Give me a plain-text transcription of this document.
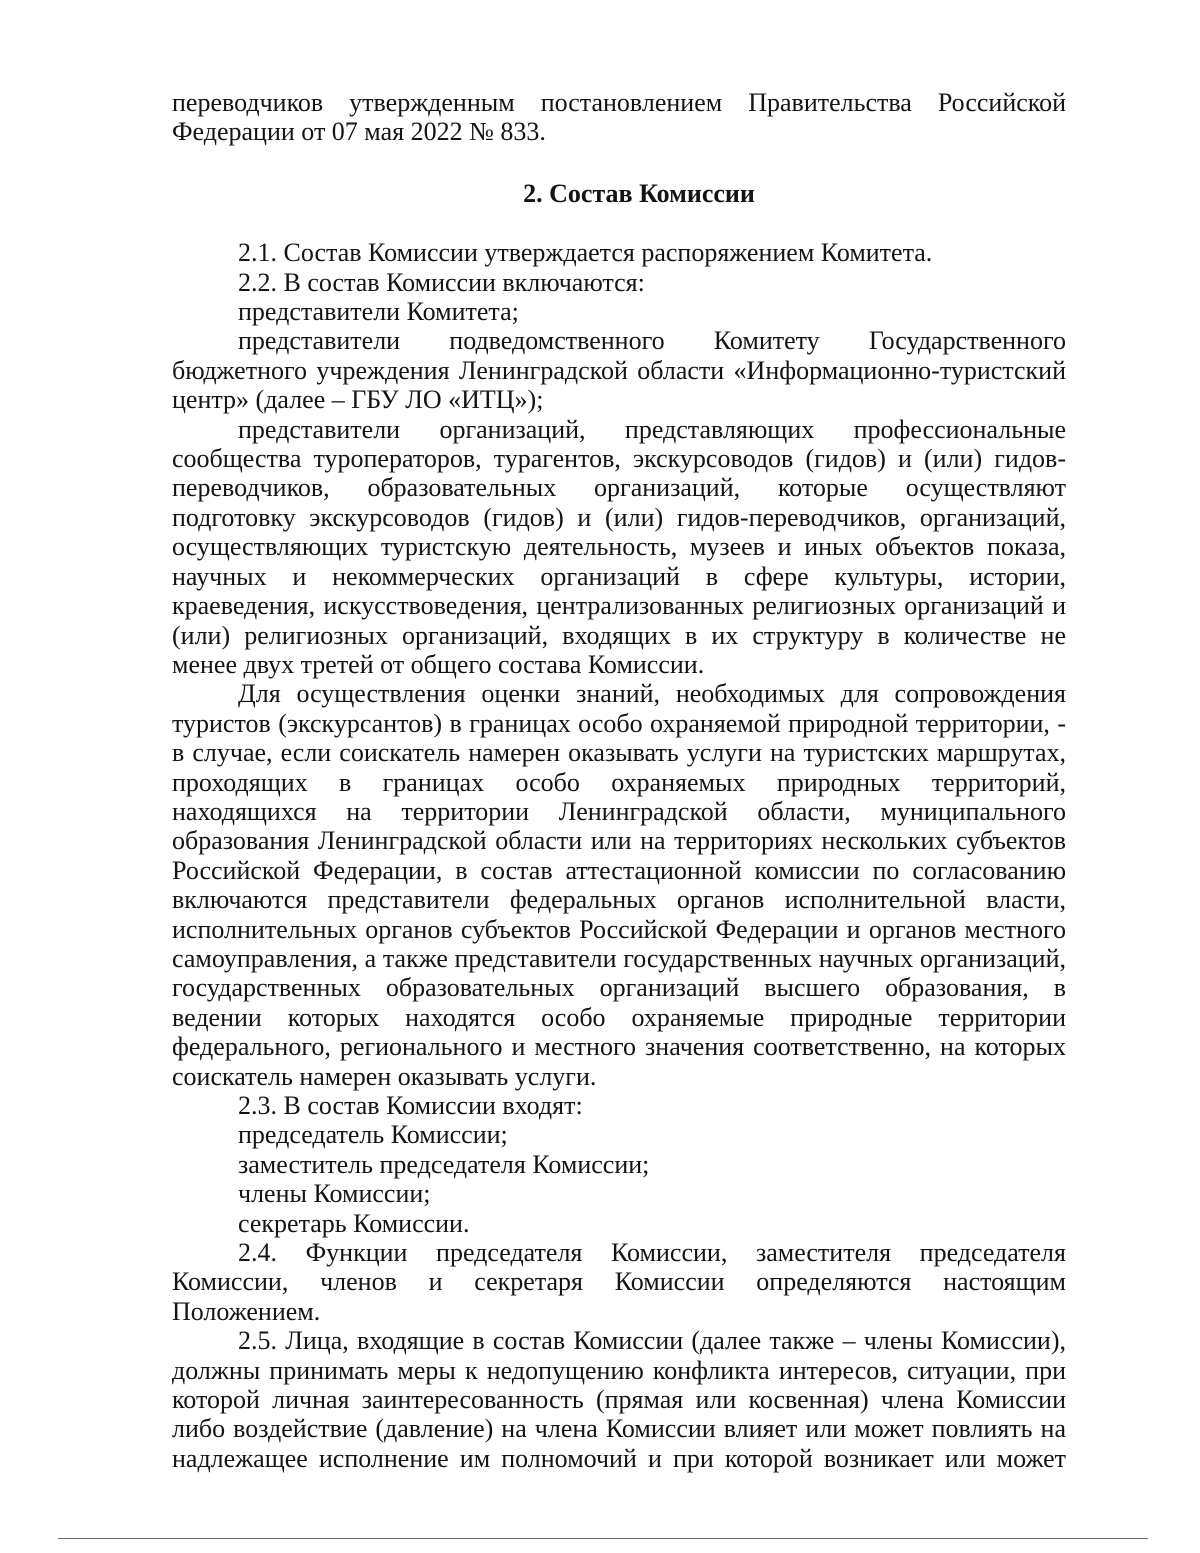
переводчиков утвержденным постановлением Правительства Российской Федерации от 07 мая 2022 № 833.

2. Состав Комиссии

2.1. Состав Комиссии утверждается распоряжением Комитета.

2.2. В состав Комиссии включаются:

представители Комитета;

представители подведомственного Комитету Государственного бюджетного учреждения Ленинградской области «Информационно-туристский центр» (далее – ГБУ ЛО «ИТЦ»);

представители организаций, представляющих профессиональные сообщества туроператоров, турагентов, экскурсоводов (гидов) и (или) гидов-переводчиков, образовательных организаций, которые осуществляют подготовку экскурсоводов (гидов) и (или) гидов-переводчиков, организаций, осуществляющих туристскую деятельность, музеев и иных объектов показа, научных и некоммерческих организаций в сфере культуры, истории, краеведения, искусствоведения, централизованных религиозных организаций и (или) религиозных организаций, входящих в их структуру в количестве не менее двух третей от общего состава Комиссии.

Для осуществления оценки знаний, необходимых для сопровождения туристов (экскурсантов) в границах особо охраняемой природной территории, - в случае, если соискатель намерен оказывать услуги на туристских маршрутах, проходящих в границах особо охраняемых природных территорий, находящихся на территории Ленинградской области, муниципального образования Ленинградской области или на территориях нескольких субъектов Российской Федерации, в состав аттестационной комиссии по согласованию включаются представители федеральных органов исполнительной власти, исполнительных органов субъектов Российской Федерации и органов местного самоуправления, а также представители государственных научных организаций, государственных образовательных организаций высшего образования, в ведении которых находятся особо охраняемые природные территории федерального, регионального и местного значения соответственно, на которых соискатель намерен оказывать услуги.

2.3. В состав Комиссии входят:

председатель Комиссии;

заместитель председателя Комиссии;

члены Комиссии;

секретарь Комиссии.

2.4. Функции председателя Комиссии, заместителя председателя Комиссии, членов и секретаря Комиссии определяются настоящим Положением.

2.5. Лица, входящие в состав Комиссии (далее также – члены Комиссии), должны принимать меры к недопущению конфликта интересов, ситуации, при которой личная заинтересованность (прямая или косвенная) члена Комиссии либо воздействие (давление) на члена Комиссии влияет или может повлиять на надлежащее исполнение им полномочий и при которой возникает или может
